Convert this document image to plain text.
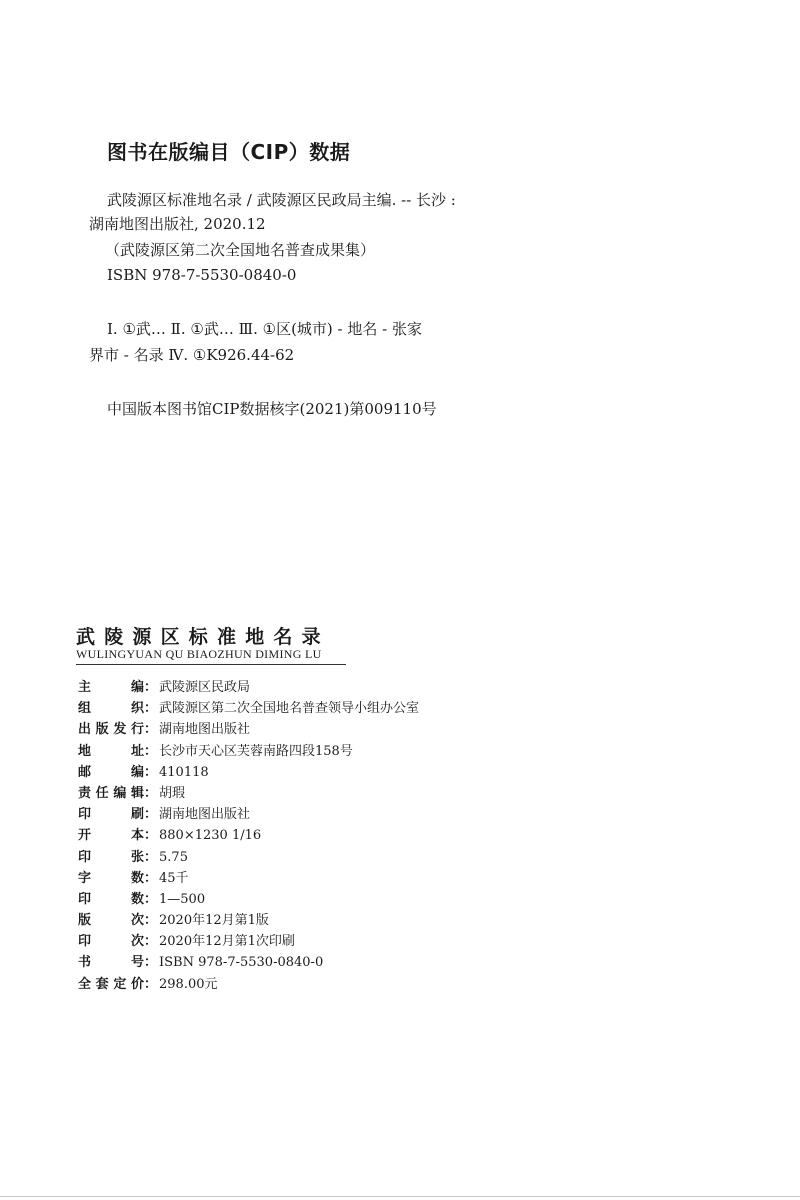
图书在版编目（CIP）数据
武陵源区标准地名录 / 武陵源区民政局主编. -- 长沙 :
湖南地图出版社, 2020.12
（武陵源区第二次全国地名普查成果集）
ISBN 978-7-5530-0840-0
Ⅰ. ①武… Ⅱ. ①武… Ⅲ. ①区(城市) - 地名 - 张家
界市 - 名录 Ⅳ. ①K926.44-62
中国版本图书馆CIP数据核字(2021)第009110号
武陵源区标准地名录
WULINGYUAN QU BIAOZHUN DIMING LU
主编 ： 武陵源区民政局
组织 ： 武陵源区第二次全国地名普查领导小组办公室
出版发行 ： 湖南地图出版社
地址 ： 长沙市天心区芙蓉南路四段158号
邮编 ： 410118
责任编辑 ： 胡瑕
印刷 ： 湖南地图出版社
开本 ： 880×1230 1/16
印张 ： 5.75
字数 ： 45千
印数 ： 1—500
版次 ： 2020年12月第1版
印次 ： 2020年12月第1次印刷
书号 ： ISBN 978-7-5530-0840-0
全套定价 ： 298.00元
